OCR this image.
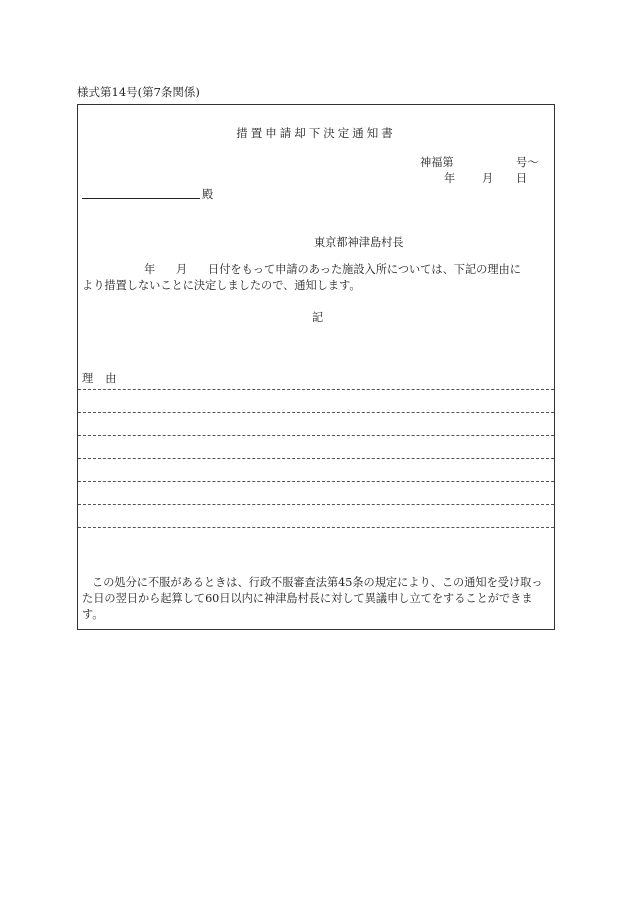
様式第14号(第7条関係)
措置申請却下決定通知書
神福第	号〜
年 月 日
殿
東京都神津島村長
年 月 日付をもって申請のあった施設入所については、下記の理由に
より措置しないことに決定しましたので、通知します。
記
理由
この処分に不服があるときは、行政不服審査法第45条の規定により、この通知を受け取った日の翌日から起算して60日以内に神津島村長に対して異議申し立てをすることができます。
